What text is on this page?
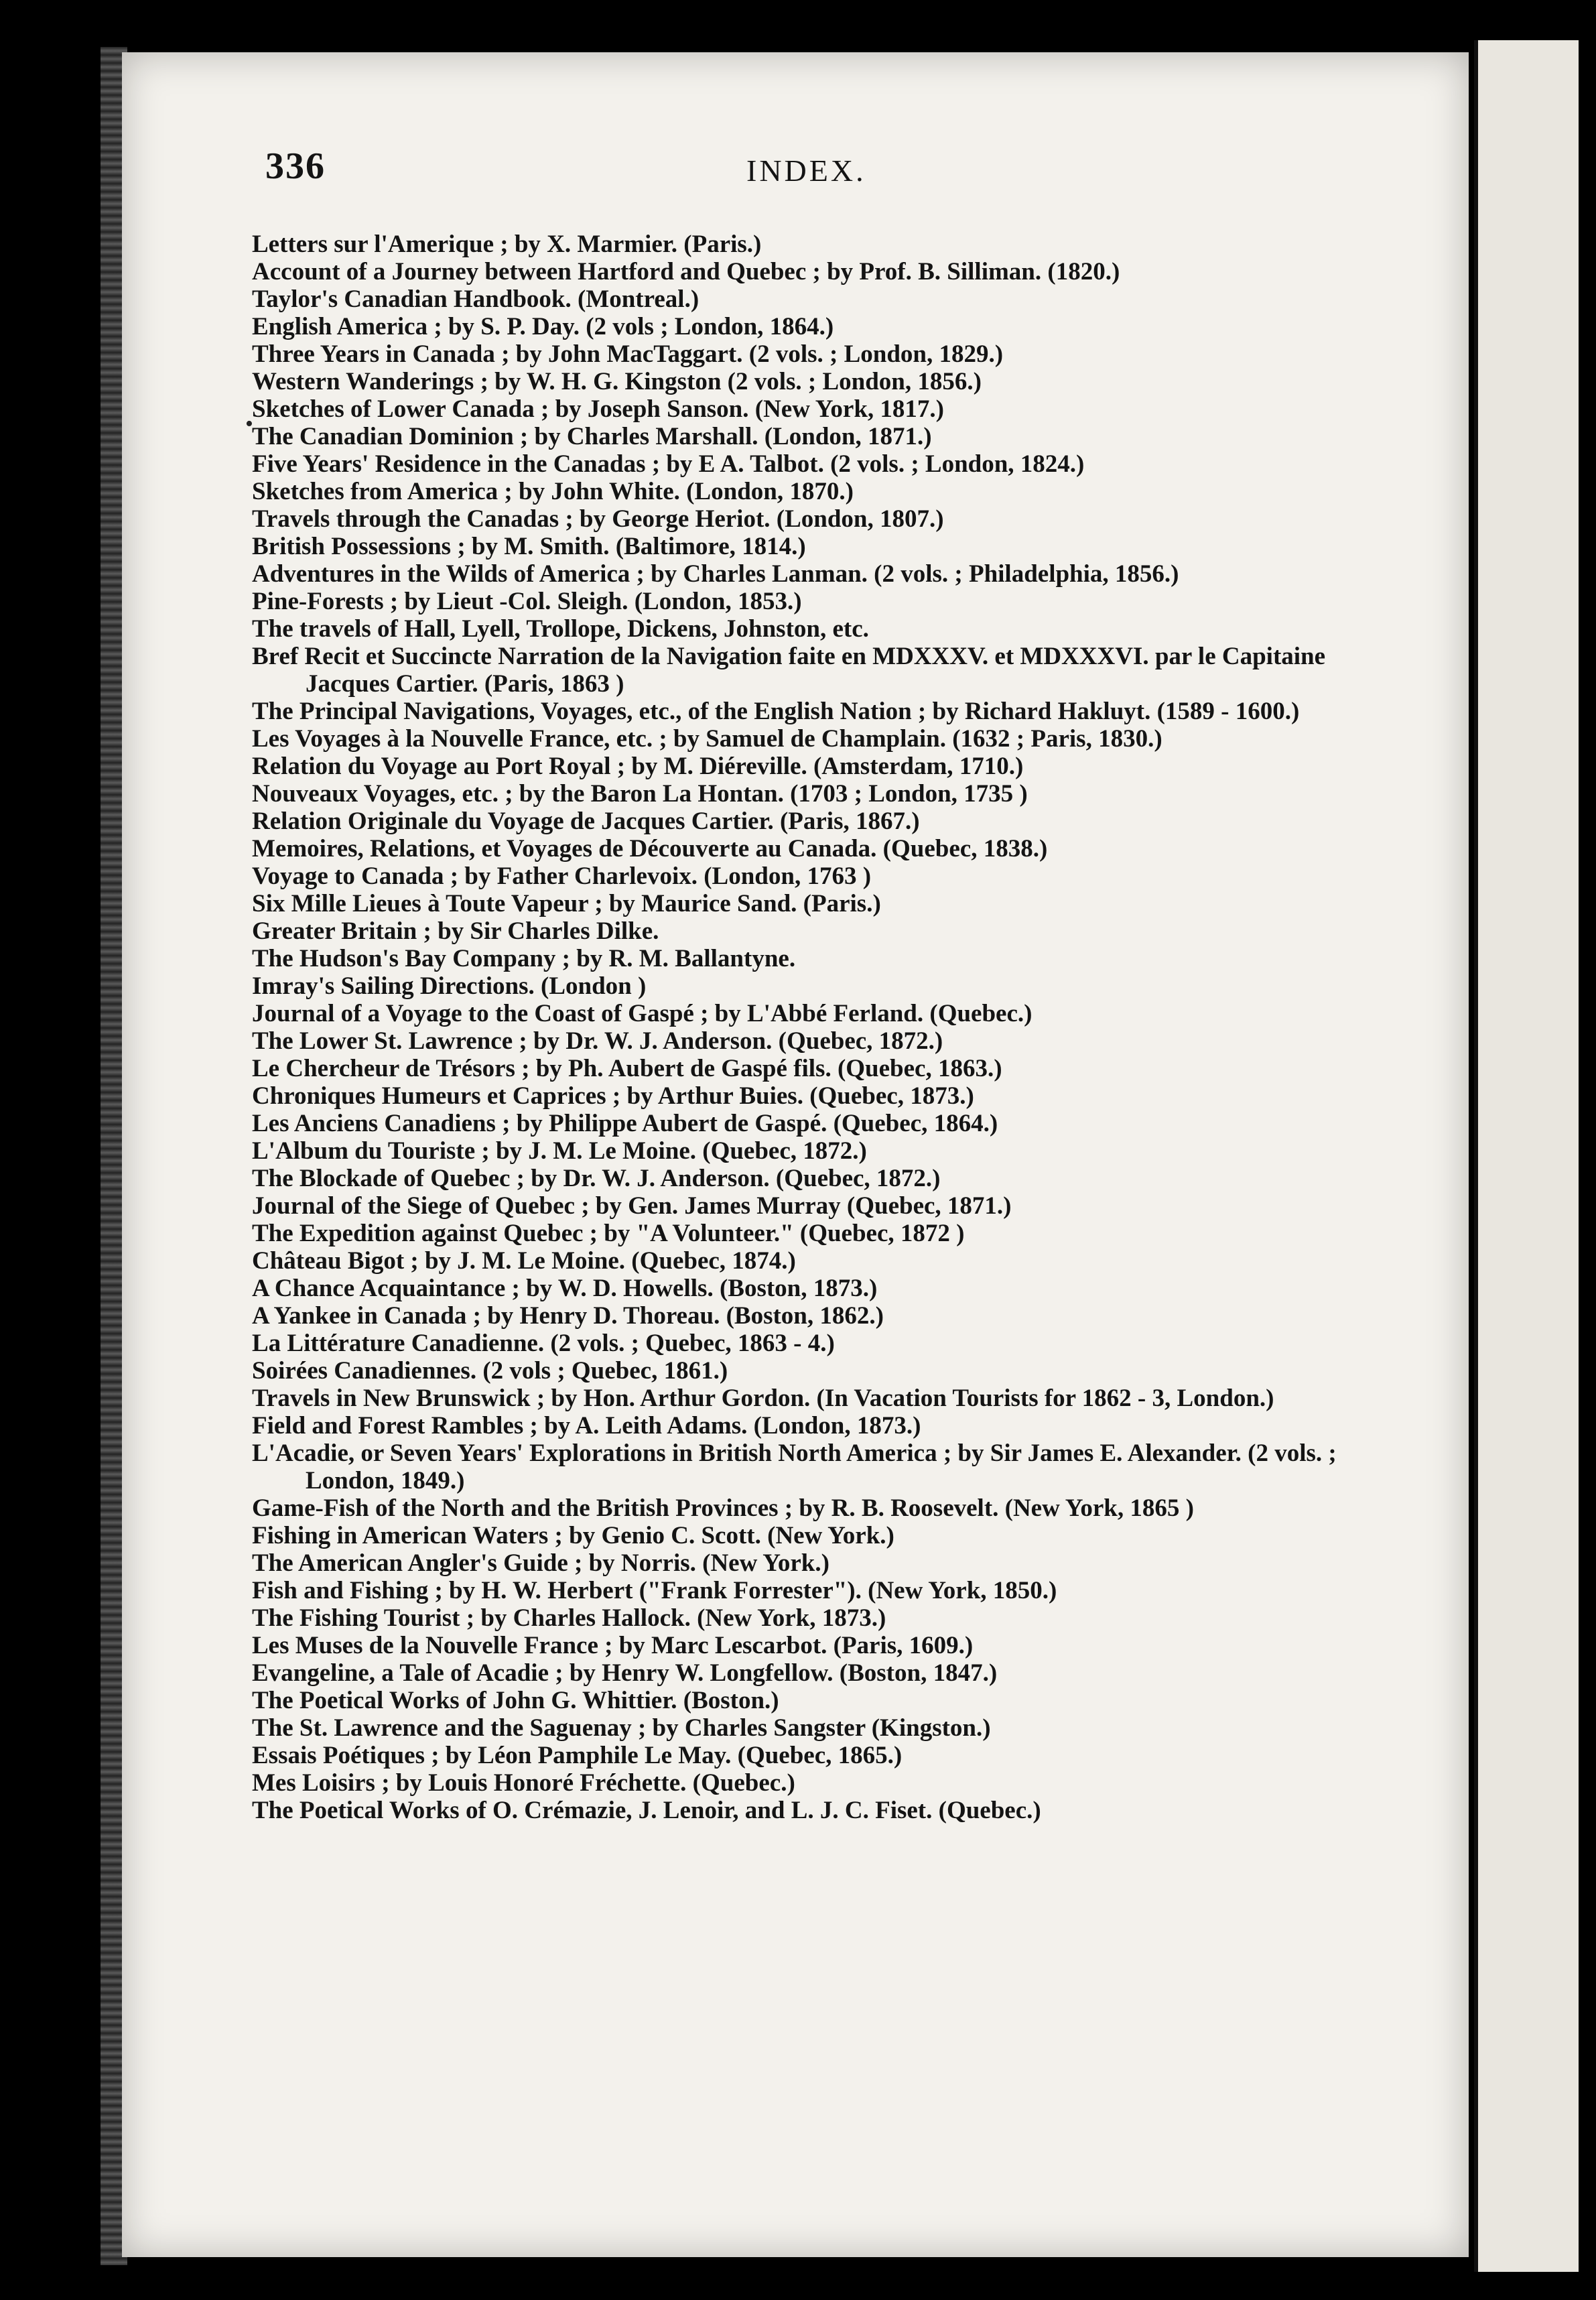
336	INDEX.
•

Letters sur l'Amerique ; by X. Marmier. (Paris.)

Account of a Journey between Hartford and Quebec ; by Prof. B. Silliman. (1820.)

Taylor's Canadian Handbook. (Montreal.)

English America ; by S. P. Day. (2 vols ; London, 1864.)

Three Years in Canada ; by John MacTaggart. (2 vols. ; London, 1829.)

Western Wanderings ; by W. H. G. Kingston (2 vols. ; London, 1856.)

Sketches of Lower Canada ; by Joseph Sanson. (New York, 1817.)

The Canadian Dominion ; by Charles Marshall. (London, 1871.)

Five Years' Residence in the Canadas ; by E A. Talbot. (2 vols. ; London, 1824.)

Sketches from America ; by John White. (London, 1870.)

Travels through the Canadas ; by George Heriot. (London, 1807.)

British Possessions ; by M. Smith. (Baltimore, 1814.)

Adventures in the Wilds of America ; by Charles Lanman. (2 vols. ; Philadelphia, 1856.)

Pine-Forests ; by Lieut -Col. Sleigh. (London, 1853.)

The travels of Hall, Lyell, Trollope, Dickens, Johnston, etc.

Bref Recit et Succincte Narration de la Navigation faite en MDXXXV. et MDXXXVI. par le Capitaine Jacques Cartier. (Paris, 1863 )

The Principal Navigations, Voyages, etc., of the English Nation ; by Richard Hakluyt. (1589 - 1600.)

Les Voyages à la Nouvelle France, etc. ; by Samuel de Champlain. (1632 ; Paris, 1830.)

Relation du Voyage au Port Royal ; by M. Diéreville. (Amsterdam, 1710.)

Nouveaux Voyages, etc. ; by the Baron La Hontan. (1703 ; London, 1735 )

Relation Originale du Voyage de Jacques Cartier. (Paris, 1867.)

Memoires, Relations, et Voyages de Découverte au Canada. (Quebec, 1838.)

Voyage to Canada ; by Father Charlevoix. (London, 1763 )

Six Mille Lieues à Toute Vapeur ; by Maurice Sand. (Paris.)

Greater Britain ; by Sir Charles Dilke.

The Hudson's Bay Company ; by R. M. Ballantyne.

Imray's Sailing Directions. (London )

Journal of a Voyage to the Coast of Gaspé ; by L'Abbé Ferland. (Quebec.)

The Lower St. Lawrence ; by Dr. W. J. Anderson. (Quebec, 1872.)

Le Chercheur de Trésors ; by Ph. Aubert de Gaspé fils. (Quebec, 1863.)

Chroniques Humeurs et Caprices ; by Arthur Buies. (Quebec, 1873.)

Les Anciens Canadiens ; by Philippe Aubert de Gaspé. (Quebec, 1864.)

L'Album du Touriste ; by J. M. Le Moine. (Quebec, 1872.)

The Blockade of Quebec ; by Dr. W. J. Anderson. (Quebec, 1872.)

Journal of the Siege of Quebec ; by Gen. James Murray (Quebec, 1871.)

The Expedition against Quebec ; by "A Volunteer." (Quebec, 1872 )

Château Bigot ; by J. M. Le Moine. (Quebec, 1874.)

A Chance Acquaintance ; by W. D. Howells. (Boston, 1873.)

A Yankee in Canada ; by Henry D. Thoreau. (Boston, 1862.)

La Littérature Canadienne. (2 vols. ; Quebec, 1863 - 4.)

Soirées Canadiennes. (2 vols ; Quebec, 1861.)

Travels in New Brunswick ; by Hon. Arthur Gordon. (In Vacation Tourists for 1862 - 3, London.)

Field and Forest Rambles ; by A. Leith Adams. (London, 1873.)

L'Acadie, or Seven Years' Explorations in British North America ; by Sir James E. Alexander. (2 vols. ; London, 1849.)

Game-Fish of the North and the British Provinces ; by R. B. Roosevelt. (New York, 1865 )

Fishing in American Waters ; by Genio C. Scott. (New York.)

The American Angler's Guide ; by Norris. (New York.)

Fish and Fishing ; by H. W. Herbert ("Frank Forrester"). (New York, 1850.)

The Fishing Tourist ; by Charles Hallock. (New York, 1873.)

Les Muses de la Nouvelle France ; by Marc Lescarbot. (Paris, 1609.)

Evangeline, a Tale of Acadie ; by Henry W. Longfellow. (Boston, 1847.)

The Poetical Works of John G. Whittier. (Boston.)

The St. Lawrence and the Saguenay ; by Charles Sangster (Kingston.)

Essais Poétiques ; by Léon Pamphile Le May. (Quebec, 1865.)

Mes Loisirs ; by Louis Honoré Fréchette. (Quebec.)

The Poetical Works of O. Crémazie, J. Lenoir, and L. J. C. Fiset. (Quebec.)
